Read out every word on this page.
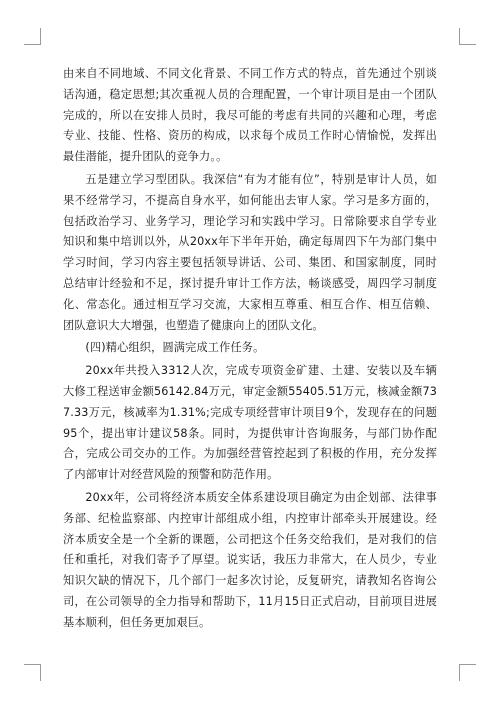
由来自不同地域、不同文化背景、不同工作方式的特点，首先通过个别谈话沟通，稳定思想;其次重视人员的合理配置，一个审计项目是由一个团队完成的，所以在安排人员时，我尽可能的考虑有共同的兴趣和心理，考虑专业、技能、性格、资历的构成，以求每个成员工作时心情愉悦，发挥出最佳潜能，提升团队的竞争力。。

五是建立学习型团队。我深信“有为才能有位”，特别是审计人员，如果不经常学习，不提高自身水平，如何能出去审人家。学习是多方面的，包括政治学习、业务学习，理论学习和实践中学习。日常除要求自学专业知识和集中培训以外，从20xx年下半年开始，确定每周四下午为部门集中学习时间，学习内容主要包括领导讲话、公司、集团、和国家制度，同时总结审计经验和不足，探讨提升审计工作方法，畅谈感受，周四学习制度化、常态化。通过相互学习交流，大家相互尊重、相互合作、相互信赖、团队意识大大增强，也塑造了健康向上的团队文化。

(四)精心组织，圆满完成工作任务。

20xx年共投入3312人次，完成专项资金矿建、土建、安装以及车辆大修工程送审金额56142.84万元，审定金额55405.51万元，核减金额737.33万元，核减率为1.31%;完成专项经营审计项目9个，发现存在的问题95个，提出审计建议58条。同时，为提供审计咨询服务，与部门协作配合，完成公司交办的工作。为加强经营管控起到了积极的作用，充分发挥了内部审计对经营风险的预警和防范作用。

20xx年，公司将经济本质安全体系建设项目确定为由企划部、法律事务部、纪检监察部、内控审计部组成小组，内控审计部牵头开展建设。经济本质安全是一个全新的课题，公司把这个任务交给我们，是对我们的信任和重托，对我们寄予了厚望。说实话，我压力非常大，在人员少，专业知识欠缺的情况下，几个部门一起多次讨论，反复研究，请教知名咨询公司，在公司领导的全力指导和帮助下，11月15日正式启动，目前项目进展基本顺利，但任务更加艰巨。
